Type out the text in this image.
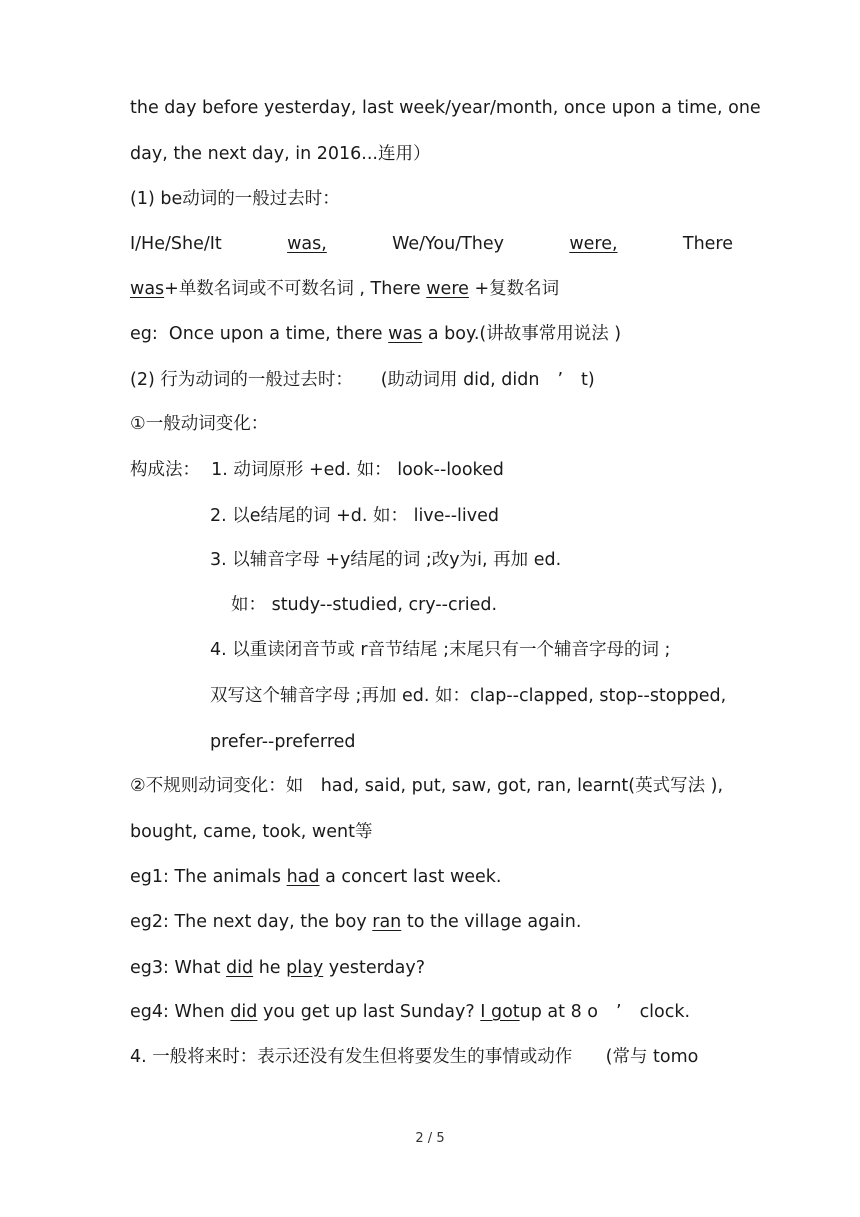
the day before yesterday, last week/year/month, once upon a time, one
day, the next day, in 2016...连用）
(1) be动词的一般过去时：
I/He/She/It	was,	We/You/They	were,	There
was+单数名词或不可数名词 , There were +复数名词
eg: Once upon a time, there was a boy.(讲故事常用说法 )
(2) 行为动词的一般过去时： (助动词用 did, didn ’ t)
①一般动词变化：
构成法： 1. 动词原形 +ed. 如： look--looked
2. 以e结尾的词 +d. 如： live--lived
3. 以辅音字母 +y结尾的词 ;改y为i, 再加 ed.
如： study--studied, cry--cried.
4. 以重读闭音节或 r音节结尾 ;末尾只有一个辅音字母的词 ;
双写这个辅音字母 ;再加 ed. 如：clap--clapped, stop--stopped,
prefer--preferred
②不规则动词变化：如　had, said, put, saw, got, ran, learnt(英式写法 ),
bought, came, took, went等
eg1: The animals had a concert last week.
eg2: The next day, the boy ran to the village again.
eg3: What did he play yesterday?
eg4: When did you get up last Sunday? I gotup at 8 o ’ clock.
4. 一般将来时：表示还没有发生但将要发生的事情或动作 (常与 tomo
2 / 5
